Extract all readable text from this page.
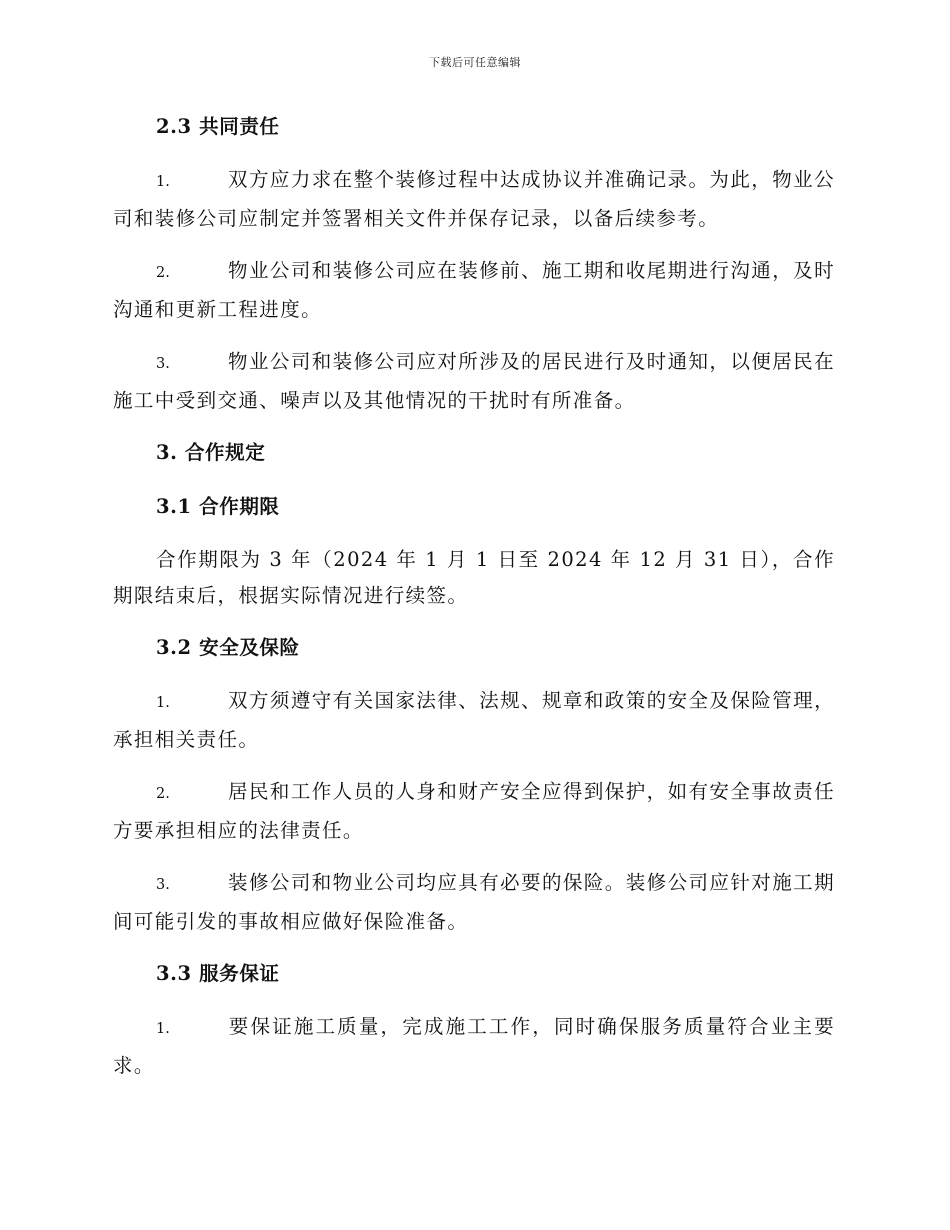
下载后可任意编辑
2.3 共同责任

1.	双方应力求在整个装修过程中达成协议并准确记录。为此，物业公司和装修公司应制定并签署相关文件并保存记录，以备后续参考。

2.	物业公司和装修公司应在装修前、施工期和收尾期进行沟通，及时沟通和更新工程进度。

3.	物业公司和装修公司应对所涉及的居民进行及时通知，以便居民在施工中受到交通、噪声以及其他情况的干扰时有所准备。

3. 合作规定
3.1 合作期限

合作期限为 3 年（2024 年 1 月 1 日至 2024 年 12 月 31 日），合作期限结束后，根据实际情况进行续签。

3.2 安全及保险

1.	双方须遵守有关国家法律、法规、规章和政策的安全及保险管理，承担相关责任。

2.	居民和工作人员的人身和财产安全应得到保护，如有安全事故责任方要承担相应的法律责任。

3.	装修公司和物业公司均应具有必要的保险。装修公司应针对施工期间可能引发的事故相应做好保险准备。

3.3 服务保证

1.	要保证施工质量，完成施工工作，同时确保服务质量符合业主要求。
